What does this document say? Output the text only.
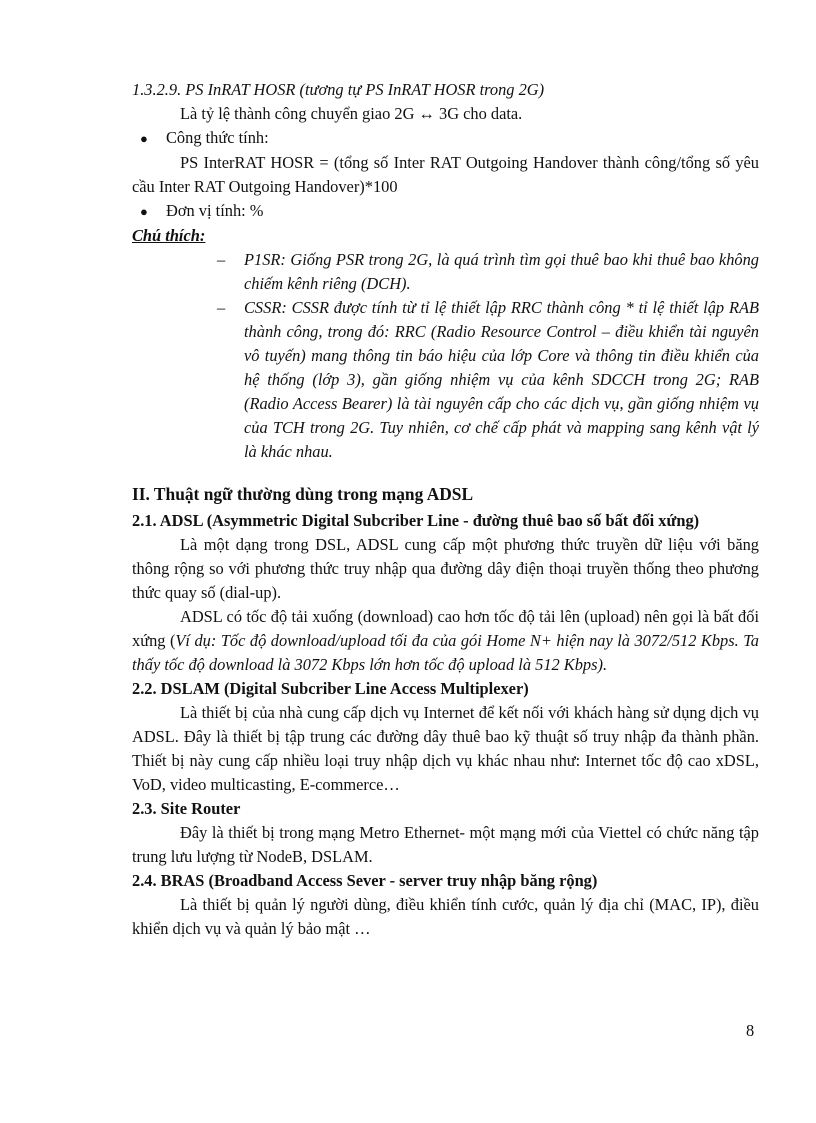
1.3.2.9. PS InRAT HOSR (tương tự PS InRAT HOSR trong 2G)

Là tỷ lệ thành công chuyển giao 2G ↔ 3G cho data.

●	Công thức tính:

PS InterRAT HOSR = (tổng số Inter RAT Outgoing Handover thành công/tổng số yêu cầu Inter RAT Outgoing Handover)*100

●	Đơn vị tính: %

Chú thích:

–	P1SR: Giống PSR trong 2G, là quá trình tìm gọi thuê bao khi thuê bao không chiếm kênh riêng (DCH).
–	CSSR: CSSR được tính từ tỉ lệ thiết lập RRC thành công * tỉ lệ thiết lập RAB thành công, trong đó: RRC (Radio Resource Control – điều khiển tài nguyên vô tuyến) mang thông tin báo hiệu của lớp Core và thông tin điều khiển của hệ thống (lớp 3), gần giống nhiệm vụ của kênh SDCCH trong 2G; RAB (Radio Access Bearer) là tài nguyên cấp cho các dịch vụ, gần giống nhiệm vụ của TCH trong 2G. Tuy nhiên, cơ chế cấp phát và mapping sang kênh vật lý là khác nhau.

II. Thuật ngữ thường dùng trong mạng ADSL

2.1. ADSL (Asymmetric Digital Subcriber Line - đường thuê bao số bất đối xứng)

Là một dạng trong DSL, ADSL cung cấp một phương thức truyền dữ liệu với băng thông rộng so với phương thức truy nhập qua đường dây điện thoại truyền thống theo phương thức quay số (dial-up).

ADSL có tốc độ tải xuống (download) cao hơn tốc độ tải lên (upload) nên gọi là bất đối xứng (Ví dụ: Tốc độ download/upload tối đa của gói Home N+ hiện nay là 3072/512 Kbps. Ta thấy tốc độ download là 3072 Kbps lớn hơn tốc độ upload là 512 Kbps).

2.2. DSLAM (Digital Subcriber Line Access Multiplexer)

Là thiết bị của nhà cung cấp dịch vụ Internet để kết nối với khách hàng sử dụng dịch vụ ADSL. Đây là thiết bị tập trung các đường dây thuê bao kỹ thuật số truy nhập đa thành phần. Thiết bị này cung cấp nhiều loại truy nhập dịch vụ khác nhau như: Internet tốc độ cao xDSL, VoD, video multicasting, E-commerce…

2.3. Site Router

Đây là thiết bị trong mạng Metro Ethernet- một mạng mới của Viettel có chức năng tập trung lưu lượng từ NodeB, DSLAM.

2.4. BRAS (Broadband Access Sever - server truy nhập băng rộng)

Là thiết bị quản lý người dùng, điều khiển tính cước, quản lý địa chỉ (MAC, IP), điều khiển dịch vụ và quản lý bảo mật …

8
